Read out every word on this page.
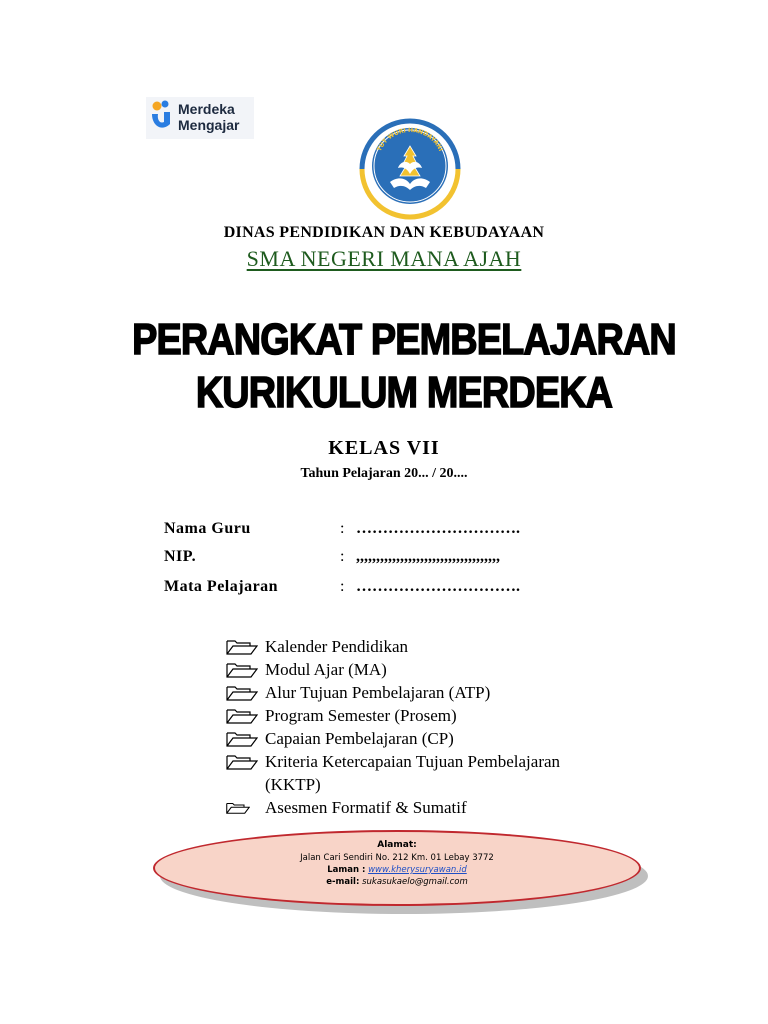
Merdeka
Mengajar
TUT WURI HANDAYANI
DINAS PENDIDIKAN DAN KEBUDAYAAN
SMA NEGERI MANA AJAH
PERANGKAT PEMBELAJARAN
KURIKULUM MERDEKA
KELAS VII
Tahun Pelajaran 20... / 20....
Nama Guru	: ………………………….
NIP.	: ,,,,,,,,,,,,,,,,,,,,,,,,,,,,,,,,,,,,
Mata Pelajaran	: ………………………….
Kalender Pendidikan
Modul Ajar (MA)
Alur Tujuan Pembelajaran (ATP)
Program Semester (Prosem)
Capaian Pembelajaran (CP)
Kriteria Ketercapaian Tujuan Pembelajaran
(KKTP)
Asesmen Formatif & Sumatif
Alamat:
Jalan Cari Sendiri No. 212 Km. 01 Lebay 3772
Laman : www.kherysuryawan.id
e-mail: sukasukaelo@gmail.com
